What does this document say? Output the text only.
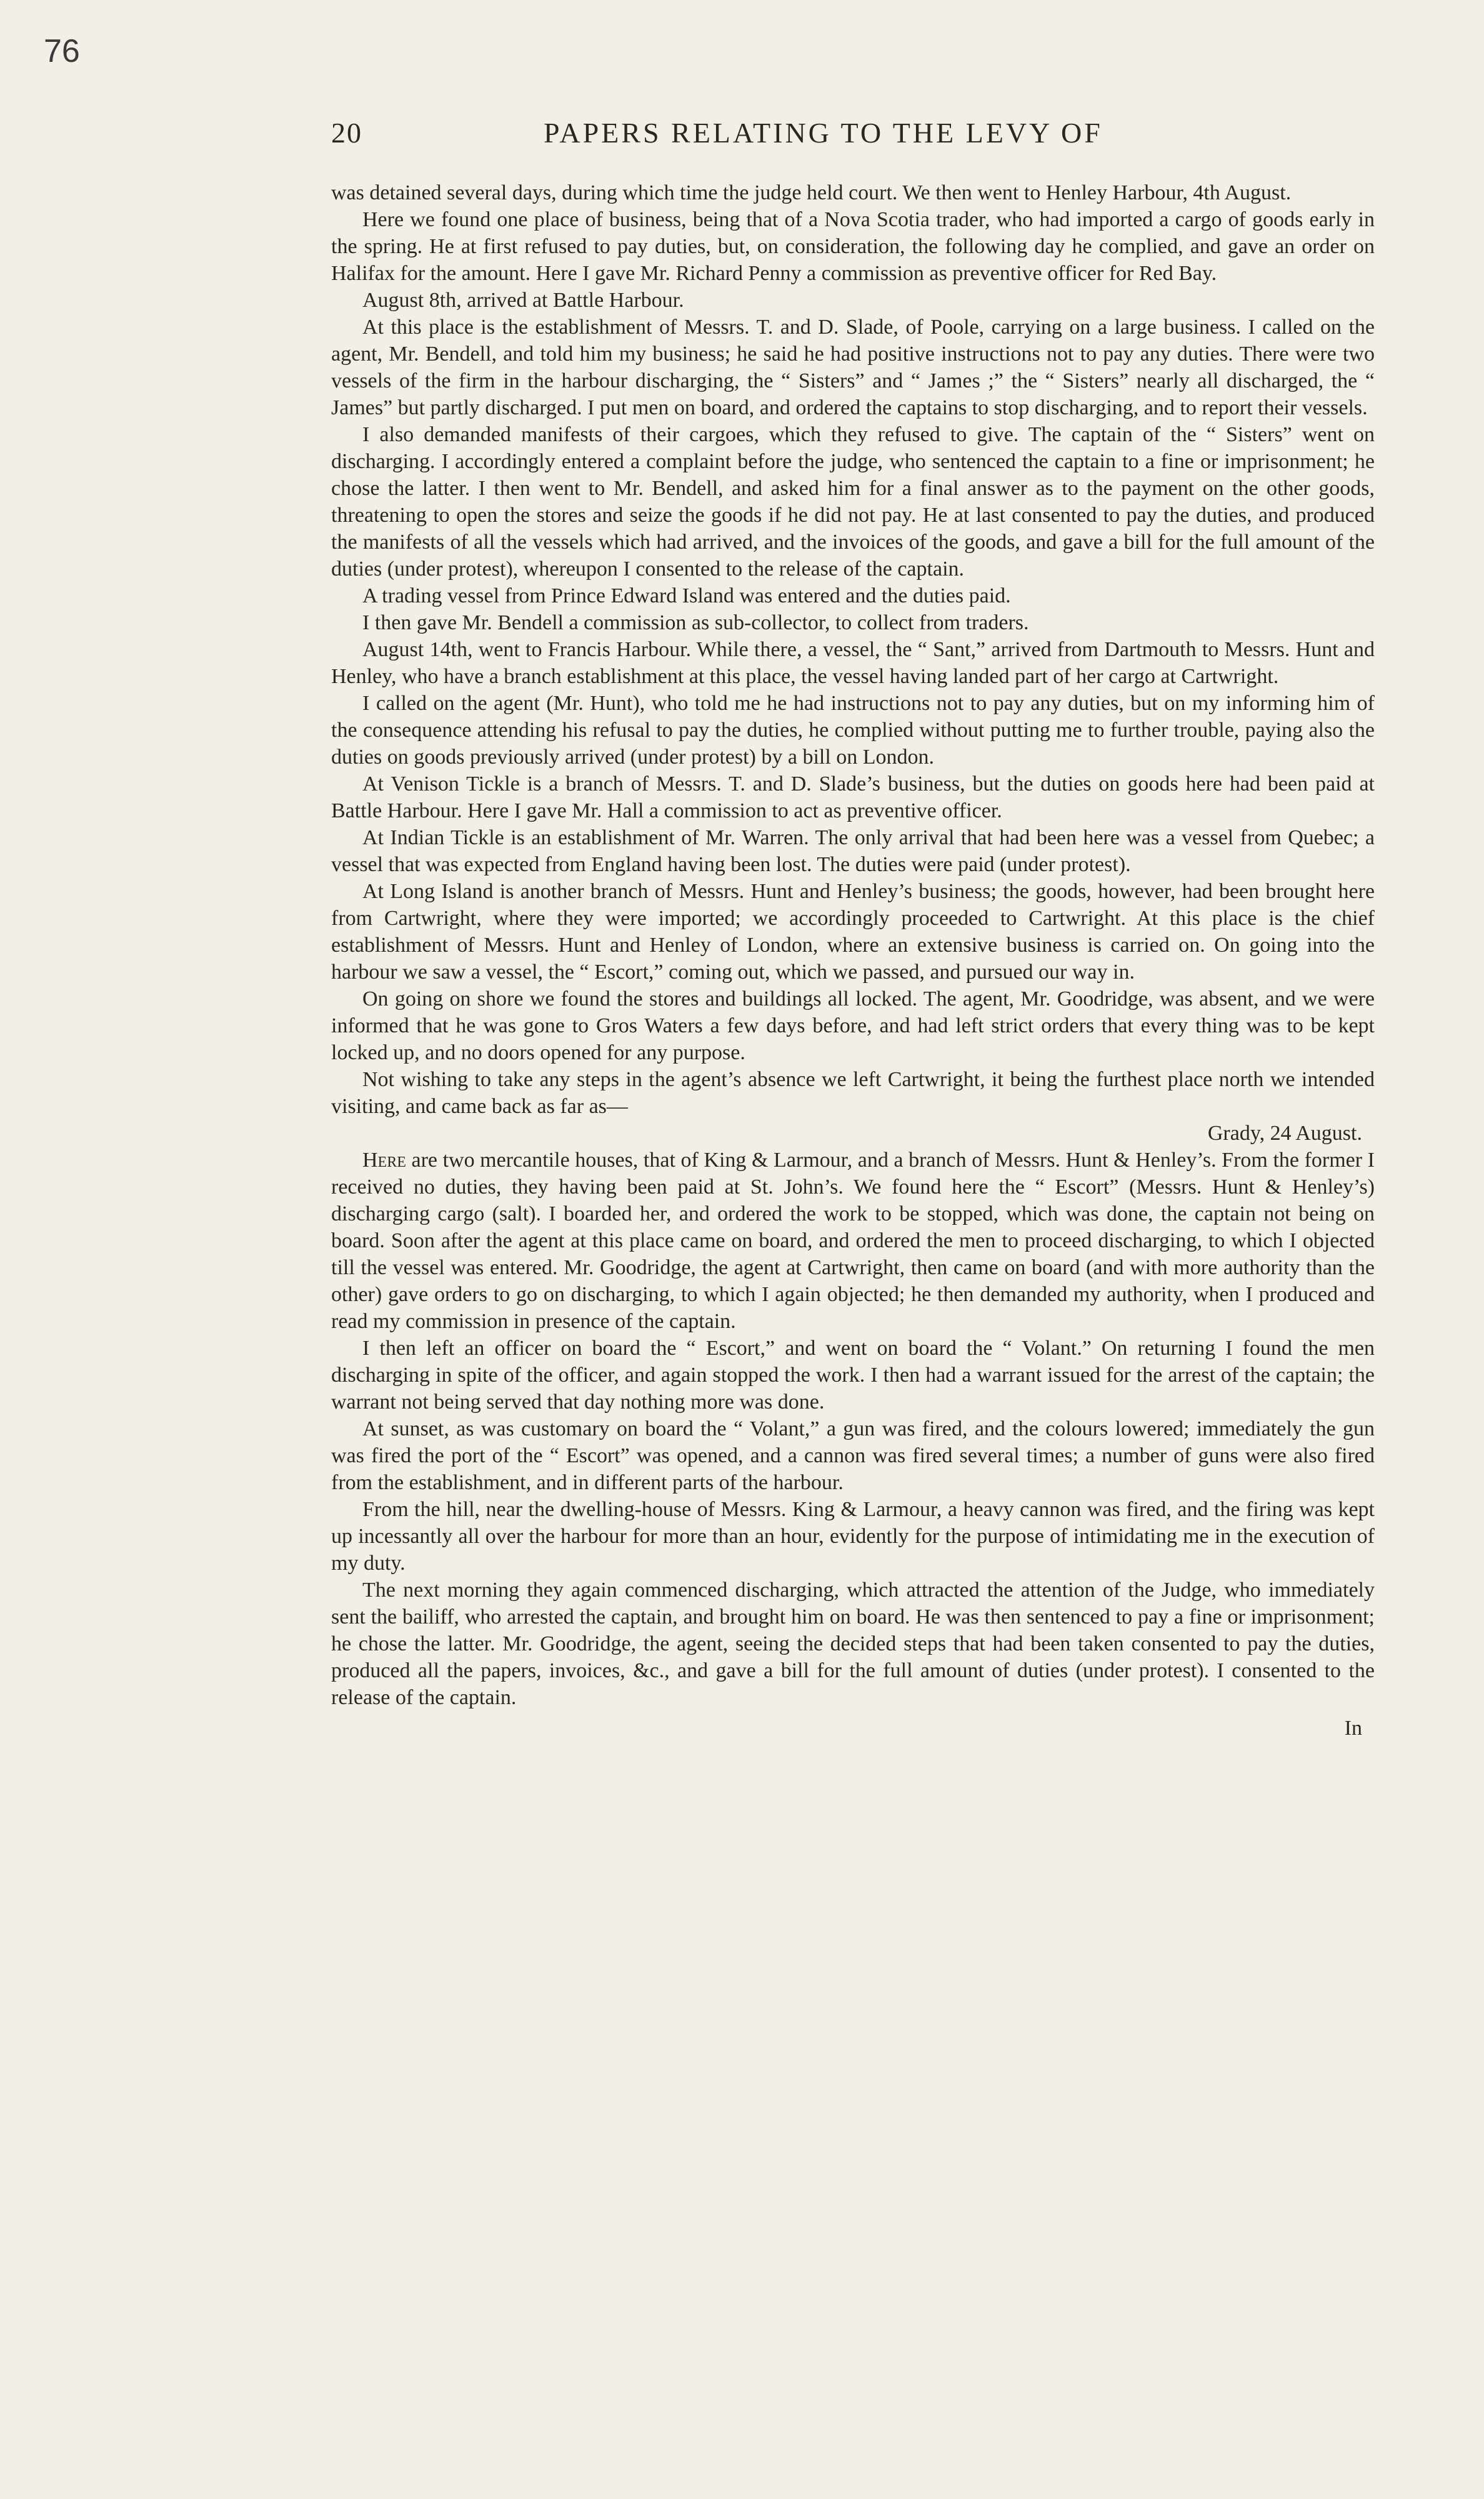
76
20	PAPERS RELATING TO THE LEVY OF

was detained several days, during which time the judge held court. We then went to Henley Harbour, 4th August.

Here we found one place of business, being that of a Nova Scotia trader, who had imported a cargo of goods early in the spring. He at first refused to pay duties, but, on consideration, the following day he complied, and gave an order on Halifax for the amount. Here I gave Mr. Richard Penny a commission as preventive officer for Red Bay.

August 8th, arrived at Battle Harbour.

At this place is the establishment of Messrs. T. and D. Slade, of Poole, carrying on a large business. I called on the agent, Mr. Bendell, and told him my business; he said he had positive instructions not to pay any duties. There were two vessels of the firm in the harbour discharging, the “ Sisters” and “ James ;” the “ Sisters” nearly all discharged, the “ James” but partly discharged. I put men on board, and ordered the captains to stop discharging, and to report their vessels.

I also demanded manifests of their cargoes, which they refused to give. The captain of the “ Sisters” went on discharging. I accordingly entered a complaint before the judge, who sentenced the captain to a fine or imprisonment; he chose the latter. I then went to Mr. Bendell, and asked him for a final answer as to the payment on the other goods, threatening to open the stores and seize the goods if he did not pay. He at last consented to pay the duties, and produced the manifests of all the vessels which had arrived, and the invoices of the goods, and gave a bill for the full amount of the duties (under protest), whereupon I consented to the release of the captain.

A trading vessel from Prince Edward Island was entered and the duties paid.

I then gave Mr. Bendell a commission as sub-collector, to collect from traders.

August 14th, went to Francis Harbour. While there, a vessel, the “ Sant,” arrived from Dartmouth to Messrs. Hunt and Henley, who have a branch establishment at this place, the vessel having landed part of her cargo at Cartwright.

I called on the agent (Mr. Hunt), who told me he had instructions not to pay any duties, but on my informing him of the consequence attending his refusal to pay the duties, he complied without putting me to further trouble, paying also the duties on goods previously arrived (under protest) by a bill on London.

At Venison Tickle is a branch of Messrs. T. and D. Slade’s business, but the duties on goods here had been paid at Battle Harbour. Here I gave Mr. Hall a commission to act as preventive officer.

At Indian Tickle is an establishment of Mr. Warren. The only arrival that had been here was a vessel from Quebec; a vessel that was expected from England having been lost. The duties were paid (under protest).

At Long Island is another branch of Messrs. Hunt and Henley’s business; the goods, however, had been brought here from Cartwright, where they were imported; we accordingly proceeded to Cartwright. At this place is the chief establishment of Messrs. Hunt and Henley of London, where an extensive business is carried on. On going into the harbour we saw a vessel, the “ Escort,” coming out, which we passed, and pursued our way in.

On going on shore we found the stores and buildings all locked. The agent, Mr. Goodridge, was absent, and we were informed that he was gone to Gros Waters a few days before, and had left strict orders that every thing was to be kept locked up, and no doors opened for any purpose.

Not wishing to take any steps in the agent’s absence we left Cartwright, it being the furthest place north we intended visiting, and came back as far as—

Grady, 24 August.

Here are two mercantile houses, that of King & Larmour, and a branch of Messrs. Hunt & Henley’s. From the former I received no duties, they having been paid at St. John’s. We found here the “ Escort” (Messrs. Hunt & Henley’s) discharging cargo (salt). I boarded her, and ordered the work to be stopped, which was done, the captain not being on board. Soon after the agent at this place came on board, and ordered the men to proceed discharging, to which I objected till the vessel was entered. Mr. Goodridge, the agent at Cartwright, then came on board (and with more authority than the other) gave orders to go on discharging, to which I again objected; he then demanded my authority, when I produced and read my commission in presence of the captain.

I then left an officer on board the “ Escort,” and went on board the “ Volant.” On returning I found the men discharging in spite of the officer, and again stopped the work. I then had a warrant issued for the arrest of the captain; the warrant not being served that day nothing more was done.

At sunset, as was customary on board the “ Volant,” a gun was fired, and the colours lowered; immediately the gun was fired the port of the “ Escort” was opened, and a cannon was fired several times; a number of guns were also fired from the establishment, and in different parts of the harbour.

From the hill, near the dwelling-house of Messrs. King & Larmour, a heavy cannon was fired, and the firing was kept up incessantly all over the harbour for more than an hour, evidently for the purpose of intimidating me in the execution of my duty.

The next morning they again commenced discharging, which attracted the attention of the Judge, who immediately sent the bailiff, who arrested the captain, and brought him on board. He was then sentenced to pay a fine or imprisonment; he chose the latter. Mr. Goodridge, the agent, seeing the decided steps that had been taken consented to pay the duties, produced all the papers, invoices, &c., and gave a bill for the full amount of duties (under protest). I consented to the release of the captain.

In
